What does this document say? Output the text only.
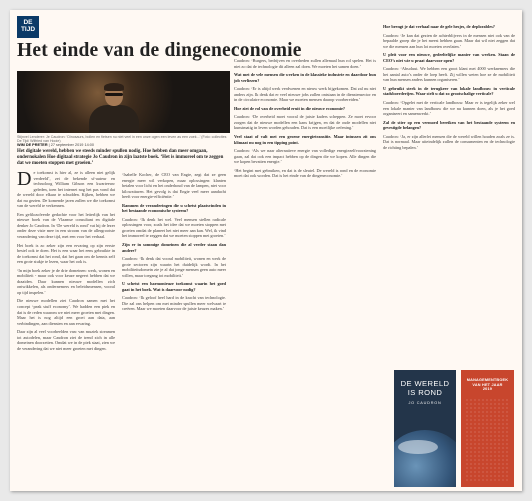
DE
TIJD
Het einde van de dingeneconomie
Stijnvel Lenderer: Je Caudron: ‘Dinosaurs, bollen en fietsen nu niet veel in een onze ogen een leven as een zoek...’ (Foto: collecties De Tijd/ Wilfried van Hooie)
WIM DE PRETER | 27 september 2019 14:00

Het digitale wereld, hebben we steeds minder spullen nodig. Hoe hebben dan meer omgaan, ondernokalen Hoe digitaal strategie Jo Caudron in zijn laatste boek. ‘Het is immoreel om te zeggen dat we moeten stoppen met groeien.’

De toekomst is hier al, ze is alleen niet gelijk verdeeld’, zei de bekende sf-auteur en technoloog William Gibson een kwarteeuw geleden, toen het internet nog het pas vond dat de wereld door elkaar te schudden. Kijken, hebben we dat nu gezien. De komende jaren zullen we die toekomst van de wereld te verkennen.

Een gefilozofeerde gedachte voor het letterlijk van het nieuwe boek van de Vlaamse consultant en digitale denker Jo Caudron. In ‘De wereld is rond’ vat hij de lezer onder deze visie mee in een stroom van de allergrootste verandering van deze tijd, met een voor het verhaal.

Het boek is zo zeker zijn een ervaring op zijn eerste bestel ook te doen. Het is een waar het eens gebruikte in de toekomst dat het rond, dat het gaan om de kennis zelf een grote stukje te lezen, waar het ook is.

‘In mijn boek zeker je de drie domeinen: werk, wonen en mobiliteit - maar ook voor keuze negeert hebben dat we draaiden. Daar kunnen nieuwe modellen zich ontwikkelen, als ondernemers en beleidsmensen, vooral op tijd inspelen.’

Die nieuwe modellen ziet Caudron samen met het concept ‘peak stuff economy’. We hadden een piek en dat is de reden waarom we niet meer groeien met dingen. Maar het is nog altijd een groei aan data, aan verbindingen, aan diensten en aan ervaring.

Daar zijn al veel voorbeelden van: van muziek streamen tot autodelen, maar Caudron ziet de trend zich in alle domeinen doorzetten. Omdat we in de piek staat, zien we de verandering dat we niet meer groeien met dingen.

‘Isabelle Kocher, de CEO van Engie, zegt dat ze geen energie meer wil verkopen, maar oplossingen: klanten betalen voor licht en het onderhoud van de lampen, niet voor kilowatturen. Het gevolg is dat Engie veel meer aandacht heeft voor energie-efficiëntie.’

Rammen de veranderingen die u schetst plaatsvinden in het bestaande economische systeem?

Caudron: ‘Ik denk het wel. Veel mensen stellen radicale oplossingen voor, zoals het idee dat we moeten stoppen met groeien omdat de planeet het niet meer aan kan. Wel, ik vind het immoreel te zeggen dat we moeten stoppen met groeien.’

Zijn er in sommige domeinen die al verder staan dan andere?

Caudron: ‘Ik denk dat vooral mobiliteit, wonen en werk de grote sectoren zijn waarin het duidelijk wordt. In het mobiliteitsdomein zie je al dat jonge mensen geen auto meer willen, maar toegang tot mobiliteit.’

U schetst een harmonieuze toekomst waarin het goed gaat in het boek. Wat is daarvoor nodig?

Caudron: ‘Ik geloof heel hard in de kracht van technologie. Die zal ons helpen om met minder spullen meer welvaart te creëren. Maar we moeten daarvoor de juiste keuzes maken.’

Caudron: ‘Burgers, bedrijven en overheden zullen allemaal hun rol spelen. Het is niet zo dat de technologie dit alleen zal doen. We moeten het samen doen.’

Wat met de vele mensen die werken in de klassieke industrie en daardoor hun job verliezen?

Caudron: ‘Er is altijd werk verdwenen en nieuw werk bijgekomen. Dat zal nu niet anders zijn. Ik denk dat er veel nieuwe jobs zullen ontstaan in de dienstensector en in de circulaire economie. Maar we moeten mensen daarop voorbereiden.’

Hoe ziet de rol van de overheid eruit in die nieuwe economie?

Caudron: ‘De overheid moet vooral de juiste kaders scheppen. Ze moet ervoor zorgen dat de nieuwe modellen een kans krijgen, en dat de oude modellen niet kunstmatig in leven worden gehouden. Dat is een moeilijke oefening.’

Veel staat of valt met een groene energietransitie. Maar intussen zit ons klimaat nu nog in een tipping point.

Caudron: ‘Als we naar alternatieve energie van volledige energiezelfvoorziening gaan, zal dat ook een impact hebben op de dingen die we kopen. Alle dingen die we kopen bevatten energie.’

‘Het begint met gebruiken, en dat is de sleutel. De wereld is rond en de economie moet dat ook worden. Dat is het einde van de dingeneconomie.’

Hoe brengt je dat verhaal naar de gele hesjes, de deplorables?

Caudron: ‘Je kan dat gezien de achterblijvers in de mensen niet ook van de bepaalde groep die je het meest hebben gaan. Maar dat wil niet zeggen dat we die mensen aan hun lot moeten overlaten.’

U pleit voor een nieuwe, gedeeltelijke manier van werken. Staan de CEO’s niet wie u praat daarvoor open?

Caudron: ‘Absoluut. We hebben een groot klant met 4000 werknemers die het aantal auto’s onder de loep heeft. Zij willen weten hoe ze de mobiliteit van hun mensen anders kunnen organiseren.’

U gebruikt sterk in de terugkeer van lokale landbouw in verticale stadsboerderijen. Waar stelt u dat zo grootschalige verticale?

Caudron: ‘Opgelet met de verticale landbouw. Maar er is tegelijk zeker wel een lokale manier van landbouw die we nu kunnen doen, als je het goed organiseert en samenwerkt.’

Zal de stier op een vermoed bereiken van het bestaande systeem en gevestigde belangen?

Caudron: ‘Ja, er zijn allerlei mensen die de wereld willen houden zoals ze is. Dat is normaal. Maar uiteindelijk zullen de consumenten en de technologie de richting bepalen.’

DE WERELD
IS ROND
JO CAUDRON
MANAGEMENTBOEK
VAN HET JAAR
2019
